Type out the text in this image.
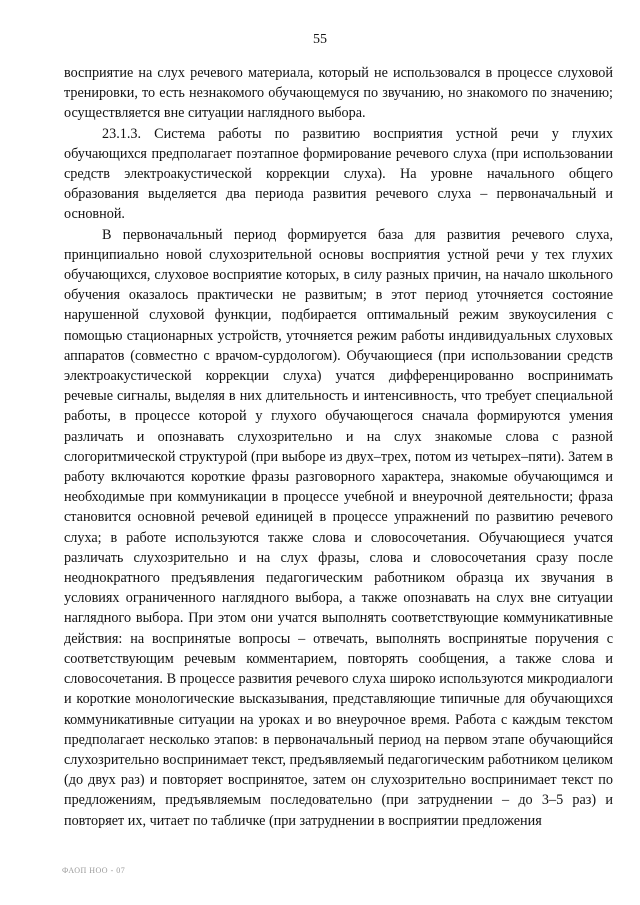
55

восприятие на слух речевого материала, который не использовался в процессе слуховой тренировки, то есть незнакомого обучающемуся по звучанию, но знакомого по значению; осуществляется вне ситуации наглядного выбора.

23.1.3. Система работы по развитию восприятия устной речи у глухих обучающихся предполагает поэтапное формирование речевого слуха (при использовании средств электроакустической коррекции слуха). На уровне начального общего образования выделяется два периода развития речевого слуха – первоначальный и основной.

В первоначальный период формируется база для развития речевого слуха, принципиально новой слухозрительной основы восприятия устной речи у тех глухих обучающихся, слуховое восприятие которых, в силу разных причин, на начало школьного обучения оказалось практически не развитым; в этот период уточняется состояние нарушенной слуховой функции, подбирается оптимальный режим звукоусиления с помощью стационарных устройств, уточняется режим работы индивидуальных слуховых аппаратов (совместно с врачом-сурдологом). Обучающиеся (при использовании средств электроакустической коррекции слуха) учатся дифференцированно воспринимать речевые сигналы, выделяя в них длительность и интенсивность, что требует специальной работы, в процессе которой у глухого обучающегося сначала формируются умения различать и опознавать слухозрительно и на слух знакомые слова с разной слогоритмической структурой (при выборе из двух–трех, потом из четырех–пяти). Затем в работу включаются короткие фразы разговорного характера, знакомые обучающимся и необходимые при коммуникации в процессе учебной и внеурочной деятельности; фраза становится основной речевой единицей в процессе упражнений по развитию речевого слуха; в работе используются также слова и словосочетания. Обучающиеся учатся различать слухозрительно и на слух фразы, слова и словосочетания сразу после неоднократного предъявления педагогическим работником образца их звучания в условиях ограниченного наглядного выбора, а также опознавать на слух вне ситуации наглядного выбора. При этом они учатся выполнять соответствующие коммуникативные действия: на воспринятые вопросы – отвечать, выполнять воспринятые поручения с соответствующим речевым комментарием, повторять сообщения, а также слова и словосочетания. В процессе развития речевого слуха широко используются микродиалоги и короткие монологические высказывания, представляющие типичные для обучающихся коммуникативные ситуации на уроках и во внеурочное время. Работа с каждым текстом предполагает несколько этапов: в первоначальный период на первом этапе обучающийся слухозрительно воспринимает текст, предъявляемый педагогическим работником целиком (до двух раз) и повторяет воспринятое, затем он слухозрительно воспринимает текст по предложениям, предъявляемым последовательно (при затруднении – до 3–5 раз) и повторяет их, читает по табличке (при затруднении в восприятии предложения

ФАОП НОО - 07
